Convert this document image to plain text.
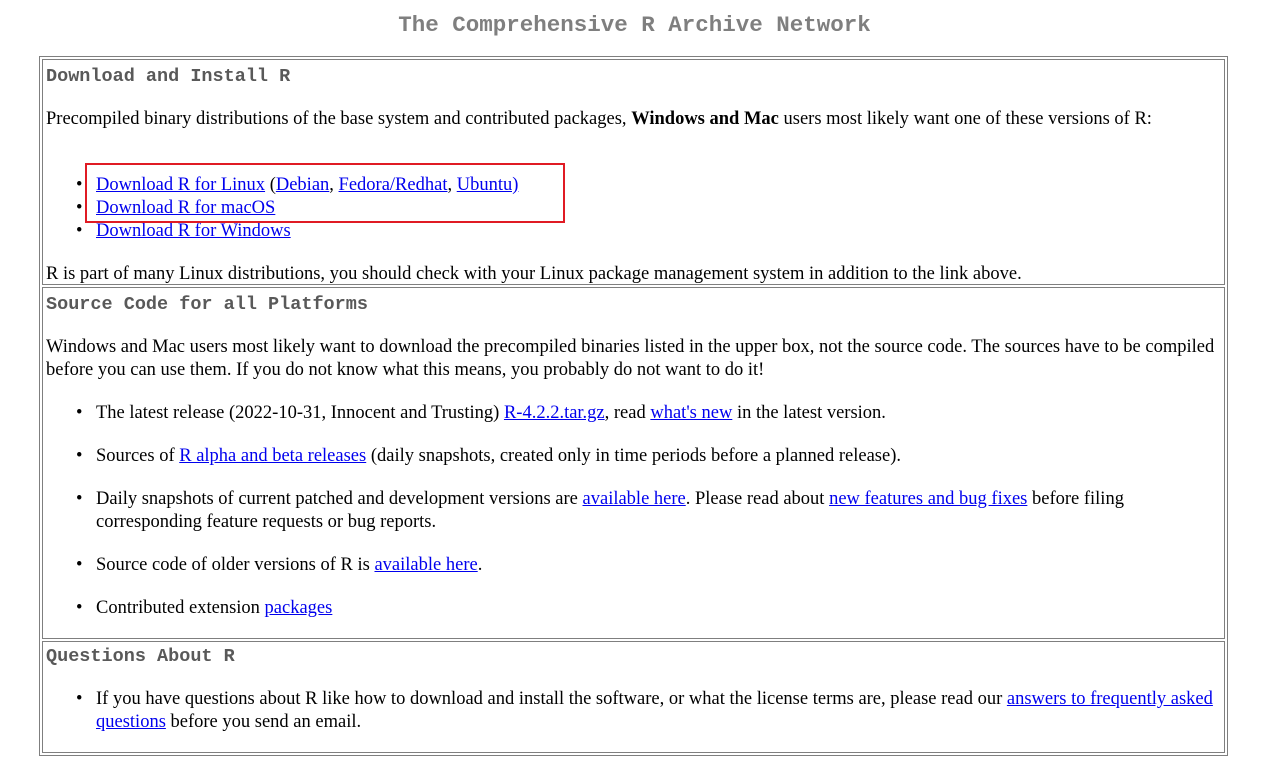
The Comprehensive R Archive Network
Download and Install R

Precompiled binary distributions of the base system and contributed packages, Windows and Mac users most likely want one of these versions of R:

• Download R for Linux (Debian, Fedora/Redhat, Ubuntu)
• Download R for macOS
• Download R for Windows

R is part of many Linux distributions, you should check with your Linux package management system in addition to the link above.

Source Code for all Platforms

Windows and Mac users most likely want to download the precompiled binaries listed in the upper box, not the source code. The sources have to be compiled before you can use them. If you do not know what this means, you probably do not want to do it!

• The latest release (2022-10-31, Innocent and Trusting) R-4.2.2.tar.gz, read what's new in the latest version.
• Sources of R alpha and beta releases (daily snapshots, created only in time periods before a planned release).
• Daily snapshots of current patched and development versions are available here. Please read about new features and bug fixes before filing corresponding feature requests or bug reports.
• Source code of older versions of R is available here.
• Contributed extension packages
Questions About R
• If you have questions about R like how to download and install the software, or what the license terms are, please read our answers to frequently asked questions before you send an email.
